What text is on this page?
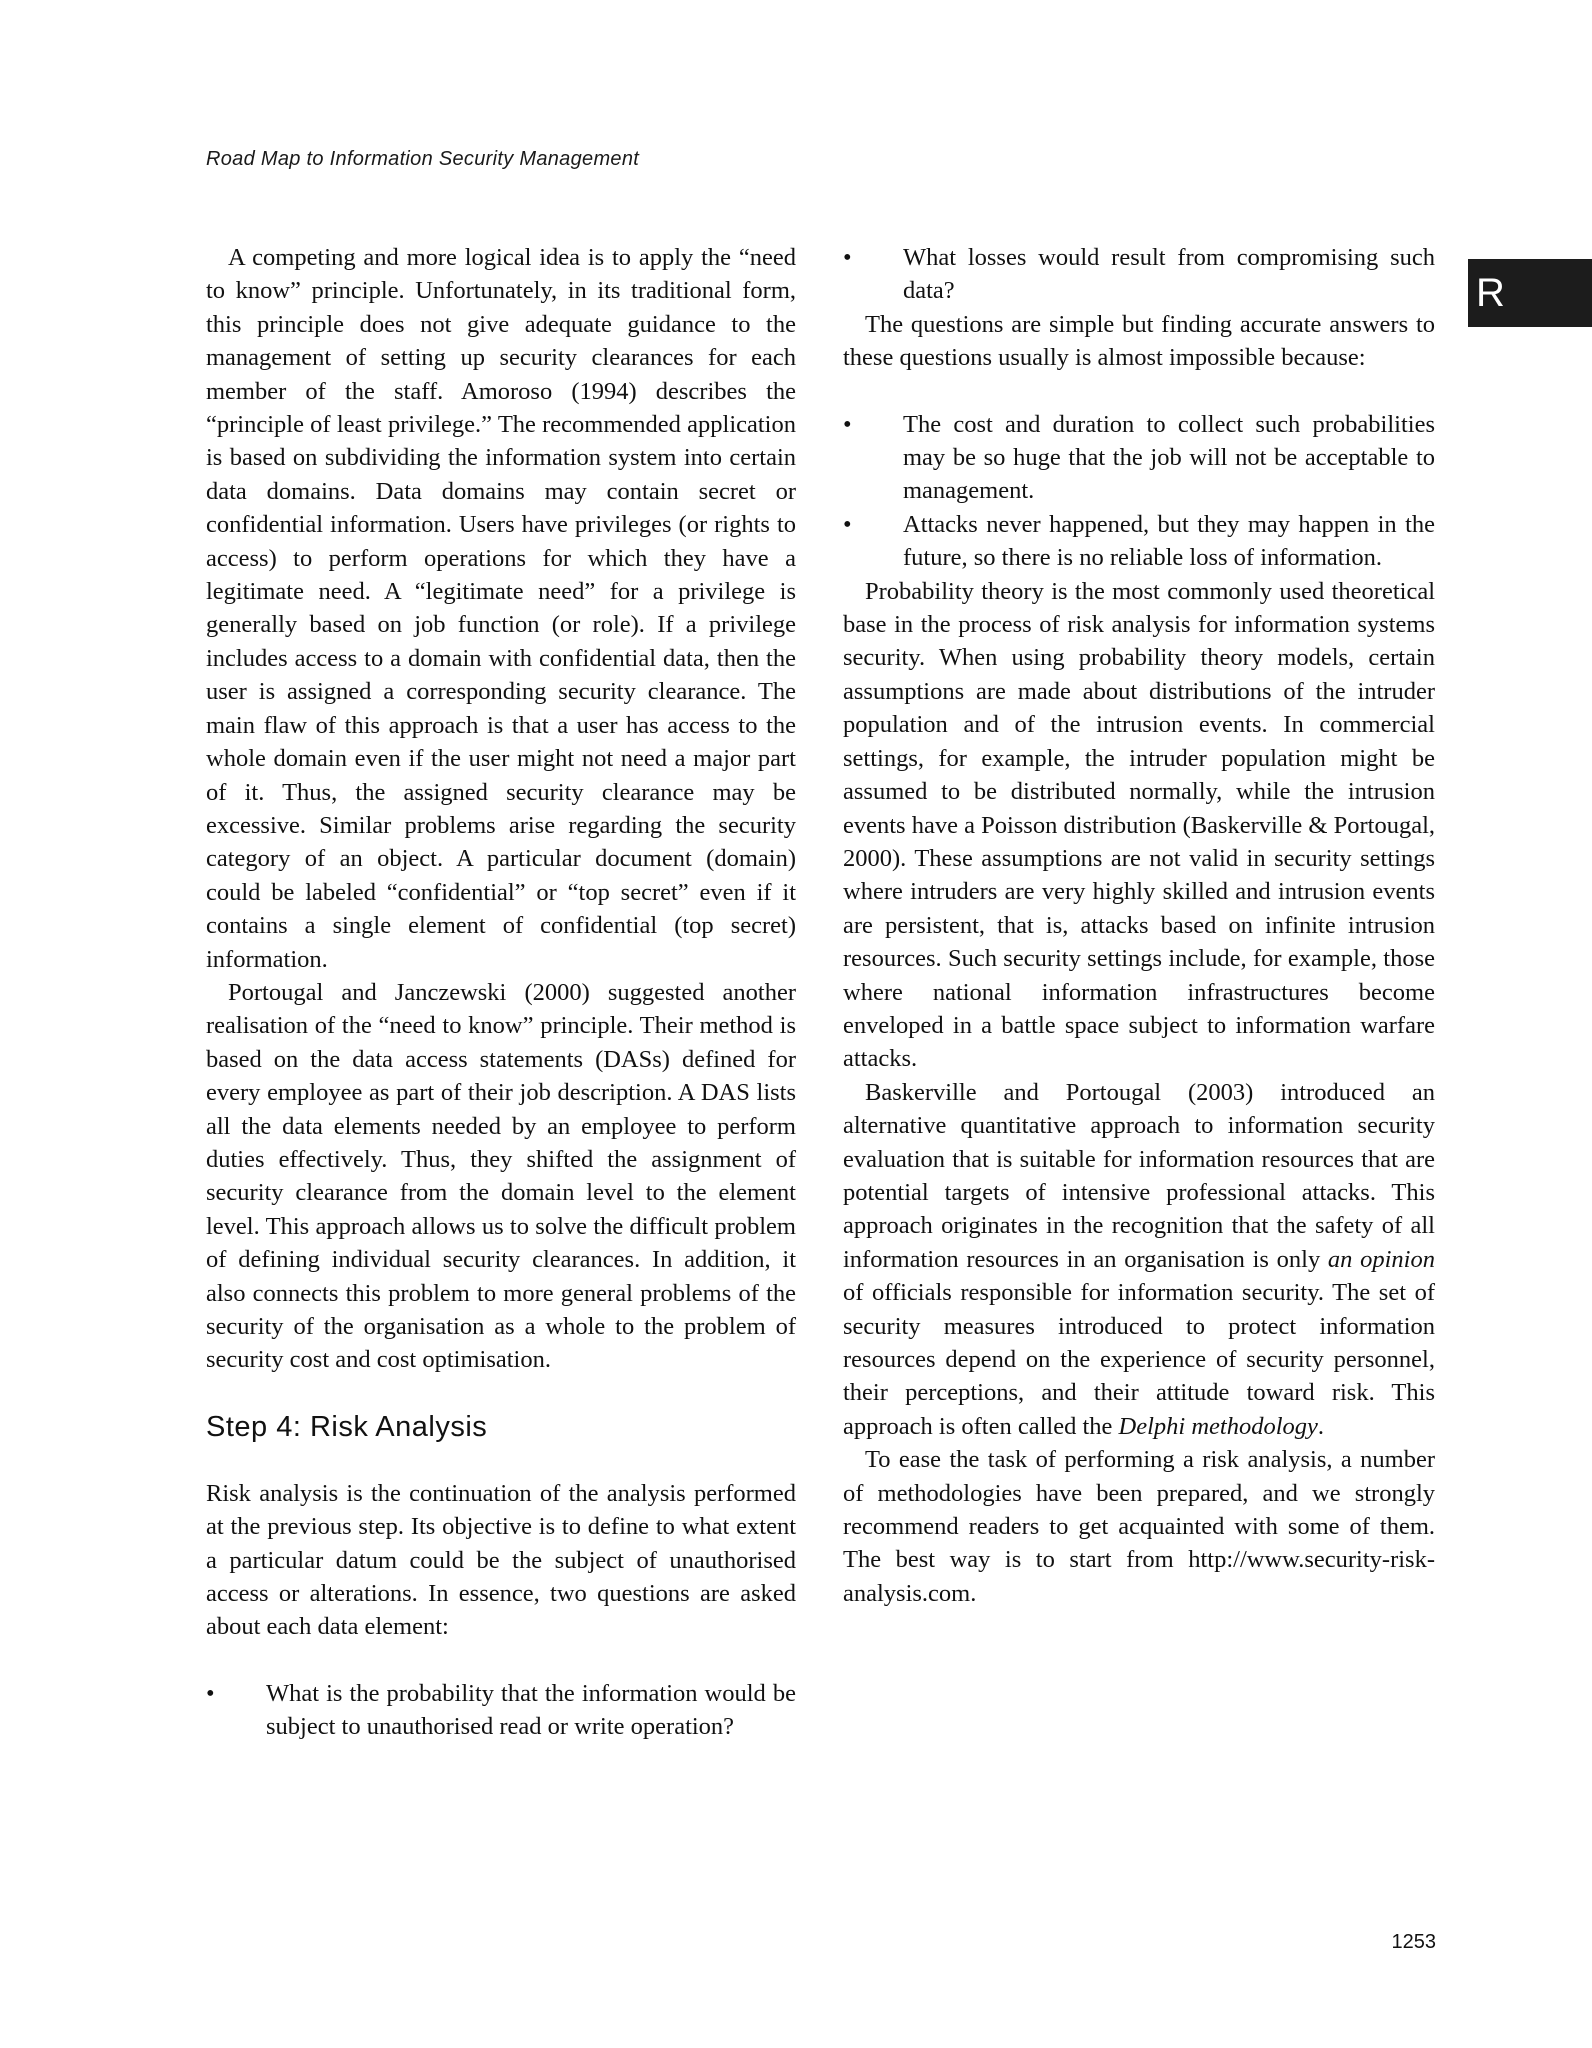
Road Map to Information Security Management
R

A competing and more logical idea is to apply the “need to know” principle. Unfortunately, in its traditional form, this principle does not give adequate guidance to the management of setting up security clearances for each member of the staff. Amoroso (1994) describes the “principle of least privilege.” The recommended application is based on subdividing the information system into certain data domains. Data domains may contain secret or confidential information. Users have privileges (or rights to access) to perform operations for which they have a legitimate need. A “legitimate need” for a privilege is generally based on job function (or role). If a privilege includes access to a domain with confidential data, then the user is assigned a corresponding security clearance. The main flaw of this approach is that a user has access to the whole domain even if the user might not need a major part of it. Thus, the assigned security clearance may be excessive. Similar problems arise regarding the security category of an object. A particular document (domain) could be labeled “confidential” or “top secret” even if it contains a single element of confidential (top secret) information.

Portougal and Janczewski (2000) suggested another realisation of the “need to know” principle. Their method is based on the data access statements (DASs) defined for every employee as part of their job description. A DAS lists all the data elements needed by an employee to perform duties effectively. Thus, they shifted the assignment of security clearance from the domain level to the element level. This approach allows us to solve the difficult problem of defining individual security clearances. In addition, it also connects this problem to more general problems of the security of the organisation as a whole to the problem of security cost and cost optimisation.

Step 4: Risk Analysis

Risk analysis is the continuation of the analysis performed at the previous step. Its objective is to define to what extent a particular datum could be the subject of unauthorised access or alterations. In essence, two questions are asked about each data element:

• What is the probability that the information would be subject to unauthorised read or write operation?
• What losses would result from compromising such data?

The questions are simple but finding accurate answers to these questions usually is almost impossible because:

• The cost and duration to collect such probabilities may be so huge that the job will not be acceptable to management.
• Attacks never happened, but they may happen in the future, so there is no reliable loss of information.

Probability theory is the most commonly used theoretical base in the process of risk analysis for information systems security. When using probability theory models, certain assumptions are made about distributions of the intruder population and of the intrusion events. In commercial settings, for example, the intruder population might be assumed to be distributed normally, while the intrusion events have a Poisson distribution (Baskerville & Portougal, 2000). These assumptions are not valid in security settings where intruders are very highly skilled and intrusion events are persistent, that is, attacks based on infinite intrusion resources. Such security settings include, for example, those where national information infrastructures become enveloped in a battle space subject to information warfare attacks.

Baskerville and Portougal (2003) introduced an alternative quantitative approach to information security evaluation that is suitable for information resources that are potential targets of intensive professional attacks. This approach originates in the recognition that the safety of all information resources in an organisation is only an opinion of officials responsible for information security. The set of security measures introduced to protect information resources depend on the experience of security personnel, their perceptions, and their attitude toward risk. This approach is often called the Delphi methodology.

To ease the task of performing a risk analysis, a number of methodologies have been prepared, and we strongly recommend readers to get acquainted with some of them. The best way is to start from http://www.security-risk-analysis.com.

1253
